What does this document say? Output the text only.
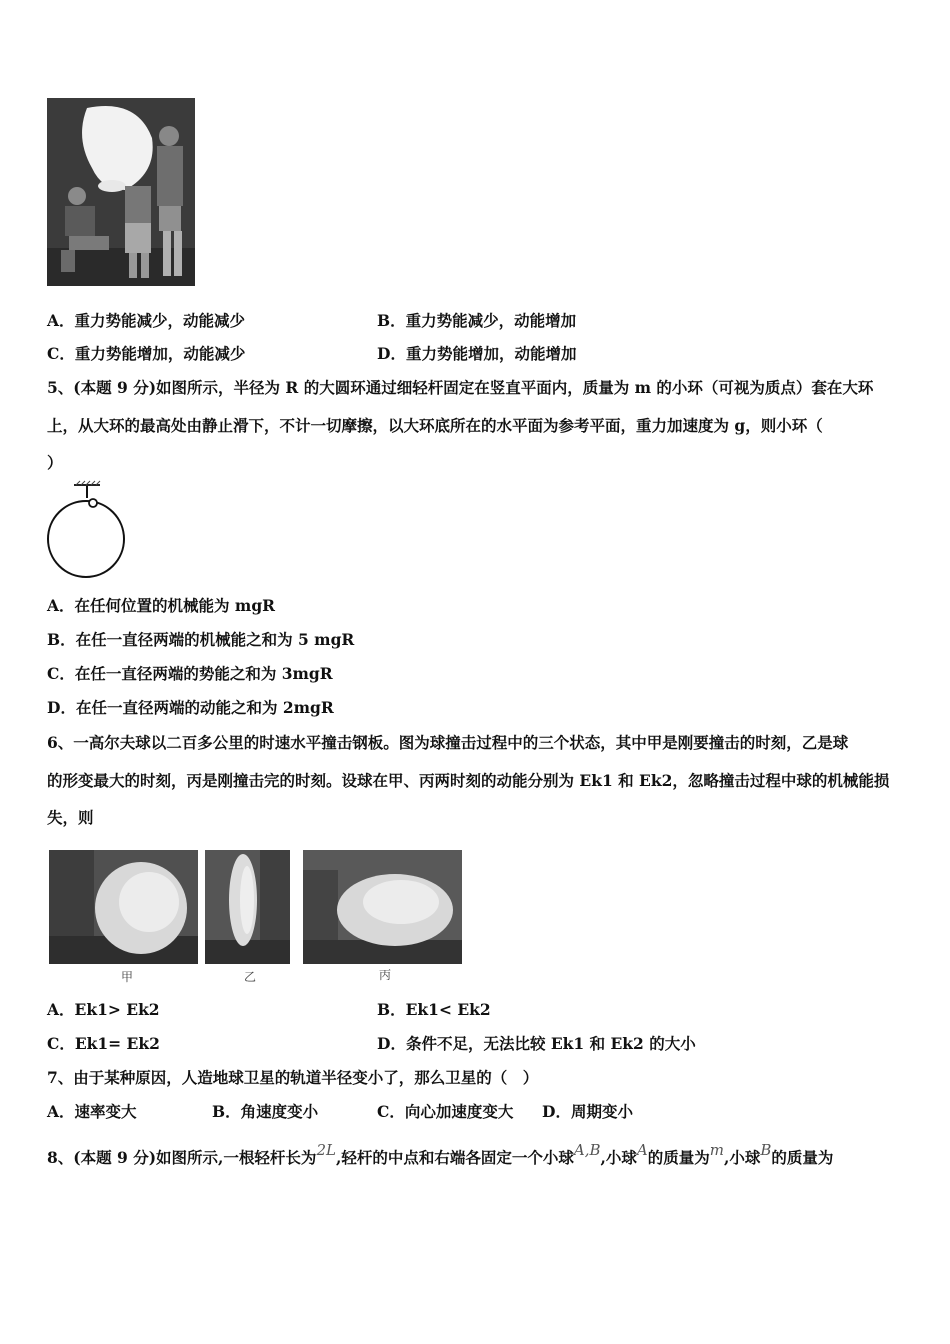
A．重力势能减少，动能减少	B．重力势能减少，动能增加
C．重力势能增加，动能减少	D．重力势能增加，动能增加
5、(本题 9 分)如图所示，半径为 R 的大圆环通过细轻杆固定在竖直平面内，质量为 m 的小环（可视为质点）套在大环
上，从大环的最高处由静止滑下，不计一切摩擦，以大环底所在的水平面为参考平面，重力加速度为 g，则小环（
）
A．在任何位置的机械能为 mgR
B．在任一直径两端的机械能之和为 5 mgR
C．在任一直径两端的势能之和为 3mgR
D．在任一直径两端的动能之和为 2mgR
6、一高尔夫球以二百多公里的时速水平撞击钢板。图为球撞击过程中的三个状态，其中甲是刚要撞击的时刻，乙是球
的形变最大的时刻，丙是刚撞击完的时刻。设球在甲、丙两时刻的动能分别为 Ek1 和 Ek2，忽略撞击过程中球的机械能损
失，则
甲	乙	丙
A．Ek1> Ek2	B．Ek1< Ek2
C．Ek1= Ek2	D．条件不足，无法比较 Ek1 和 Ek2 的大小
7、由于某种原因，人造地球卫星的轨道半径变小了，那么卫星的（　）
A．速率变大	B．角速度变小	C．向心加速度变大 D．周期变小
8、(本题 9 分)如图所示,一根轻杆长为2L,轻杆的中点和右端各固定一个小球A,B,小球A的质量为m,小球B的质量为
